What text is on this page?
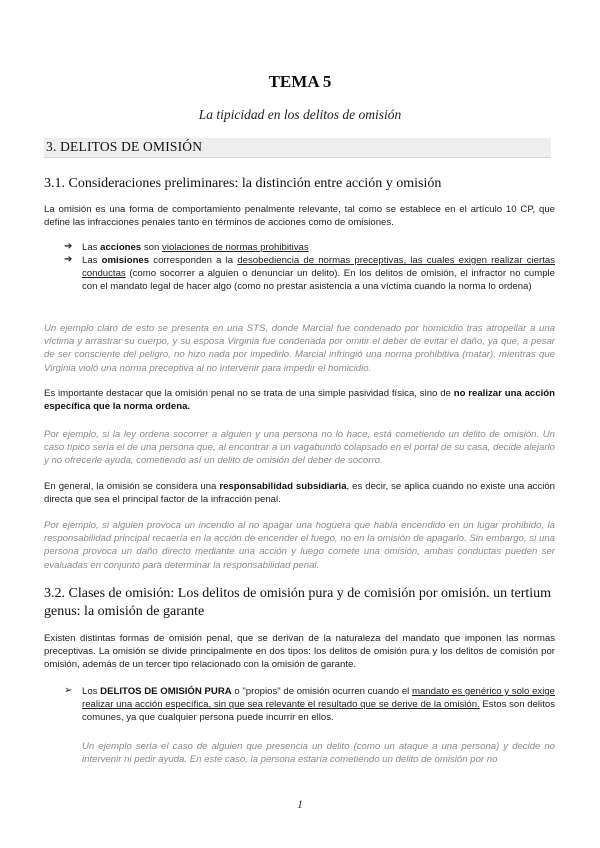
TEMA 5
La tipicidad en los delitos de omisión
3. DELITOS DE OMISIÓN
3.1. Consideraciones preliminares: la distinción entre acción y omisión
La omisión es una forma de comportamiento penalmente relevante, tal como se establece en el artículo 10 CP, que define las infracciones penales tanto en términos de acciones como de omisiones.
➔ Las acciones son violaciones de normas prohibitivas
➔ Las omisiones corresponden a la desobediencia de normas preceptivas, las cuales exigen realizar ciertas conductas (como socorrer a alguien o denunciar un delito). En los delitos de omisión, el infractor no cumple con el mandato legal de hacer algo (como no prestar asistencia a una víctima cuando la norma lo ordena)
Un ejemplo claro de esto se presenta en una STS, donde Marcial fue condenado por homicidio tras atropellar a una víctima y arrastrar su cuerpo, y su esposa Virginia fue condenada por omitir el deber de evitar el daño, ya que, a pesar de ser consciente del peligro, no hizo nada por impedirlo. Marcial infringió una norma prohibitiva (matar), mientras que Virginia violó una norma preceptiva al no intervenir para impedir el homicidio.
Es importante destacar que la omisión penal no se trata de una simple pasividad física, sino de no realizar una acción específica que la norma ordena.
Por ejemplo, si la ley ordena socorrer a alguien y una persona no lo hace, está cometiendo un delito de omisión. Un caso típico sería el de una persona que, al encontrar a un vagabundo colapsado en el portal de su casa, decide alejarlo y no ofrecerle ayuda, cometiendo así un delito de omisión del deber de socorro.
En general, la omisión se considera una responsabilidad subsidiaria, es decir, se aplica cuando no existe una acción directa que sea el principal factor de la infracción penal.
Por ejemplo, si alguien provoca un incendio al no apagar una hoguera que había encendido en un lugar prohibido, la responsabilidad principal recaería en la acción de encender el fuego, no en la omisión de apagarlo. Sin embargo, si una persona provoca un daño directo mediante una acción y luego comete una omisión, ambas conductas pueden ser evaluadas en conjunto para determinar la responsabilidad penal.
3.2. Clases de omisión: Los delitos de omisión pura y de comisión por omisión. un tertium genus: la omisión de garante
Existen distintas formas de omisión penal, que se derivan de la naturaleza del mandato que imponen las normas preceptivas. La omisión se divide principalmente en dos tipos: los delitos de omisión pura y los delitos de comisión por omisión, además de un tercer tipo relacionado con la omisión de garante.
➢ Los DELITOS DE OMISIÓN PURA o "propios" de omisión ocurren cuando el mandato es genérico y solo exige realizar una acción específica, sin que sea relevante el resultado que se derive de la omisión. Estos son delitos comunes, ya que cualquier persona puede incurrir en ellos.
Un ejemplo sería el caso de alguien que presencia un delito (como un ataque a una persona) y decide no intervenir ni pedir ayuda. En este caso, la persona estaría cometiendo un delito de omisión por no
1
